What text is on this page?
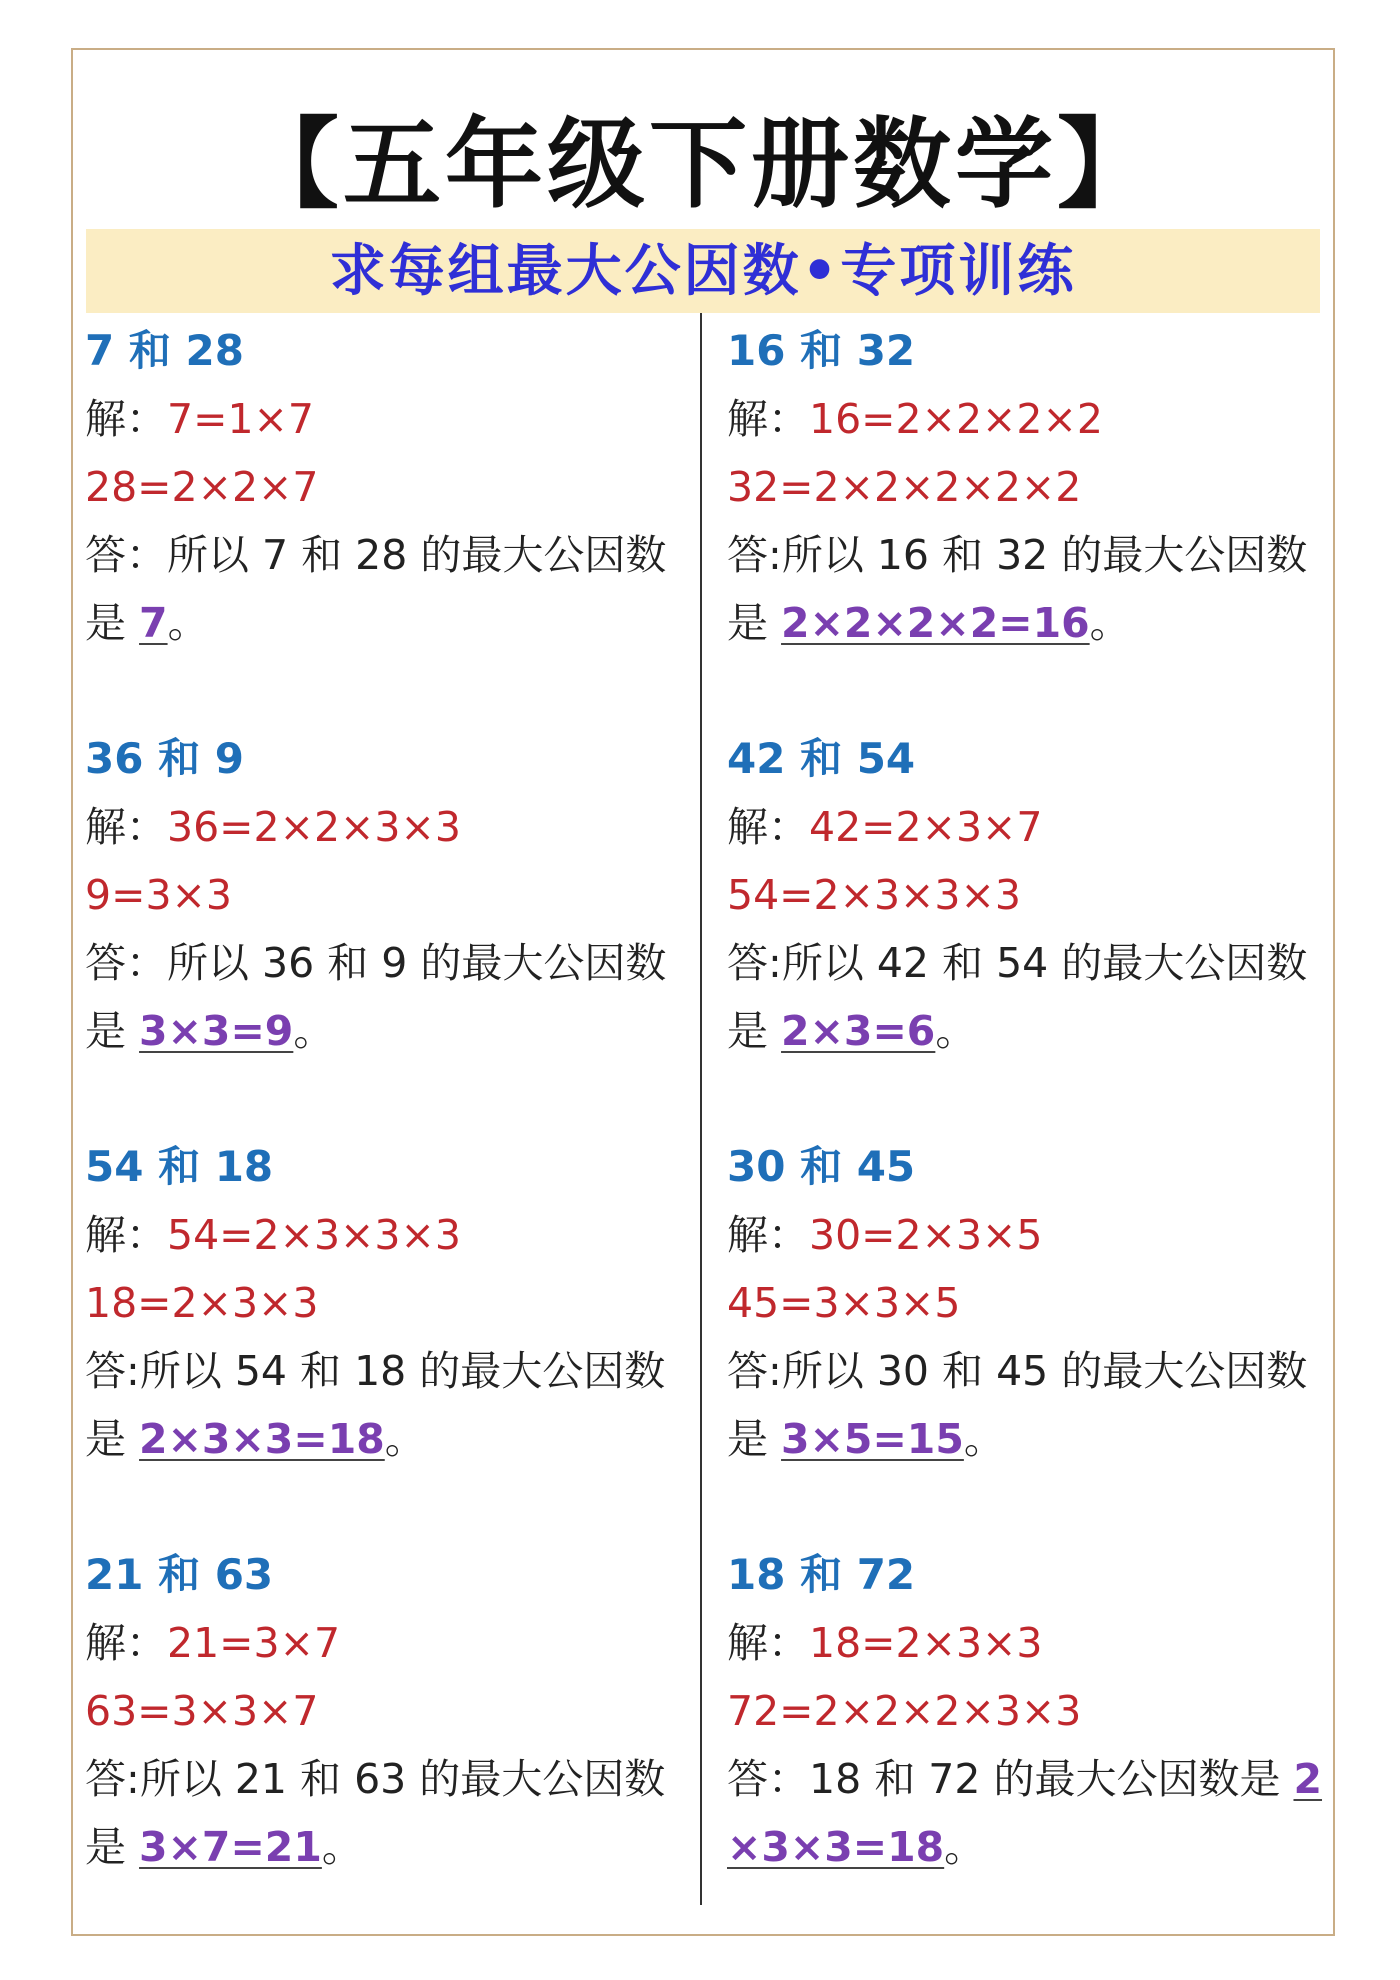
【五年级下册数学】
求每组最大公因数•专项训练
7 和 28
解：7=1×7
28=2×2×7
答：所以 7 和 28 的最大公因数
是 7。
16 和 32
解：16=2×2×2×2
32=2×2×2×2×2
答:所以 16 和 32 的最大公因数
是 2×2×2×2=16。
36 和 9
解：36=2×2×3×3
9=3×3
答：所以 36 和 9 的最大公因数
是 3×3=9。
42 和 54
解：42=2×3×7
54=2×3×3×3
答:所以 42 和 54 的最大公因数
是 2×3=6。
54 和 18
解：54=2×3×3×3
18=2×3×3
答:所以 54 和 18 的最大公因数
是 2×3×3=18。
30 和 45
解：30=2×3×5
45=3×3×5
答:所以 30 和 45 的最大公因数
是 3×5=15。
21 和 63
解：21=3×7
63=3×3×7
答:所以 21 和 63 的最大公因数
是 3×7=21。
18 和 72
解：18=2×3×3
72=2×2×2×3×3
答：18 和 72 的最大公因数是 2
×3×3=18。
